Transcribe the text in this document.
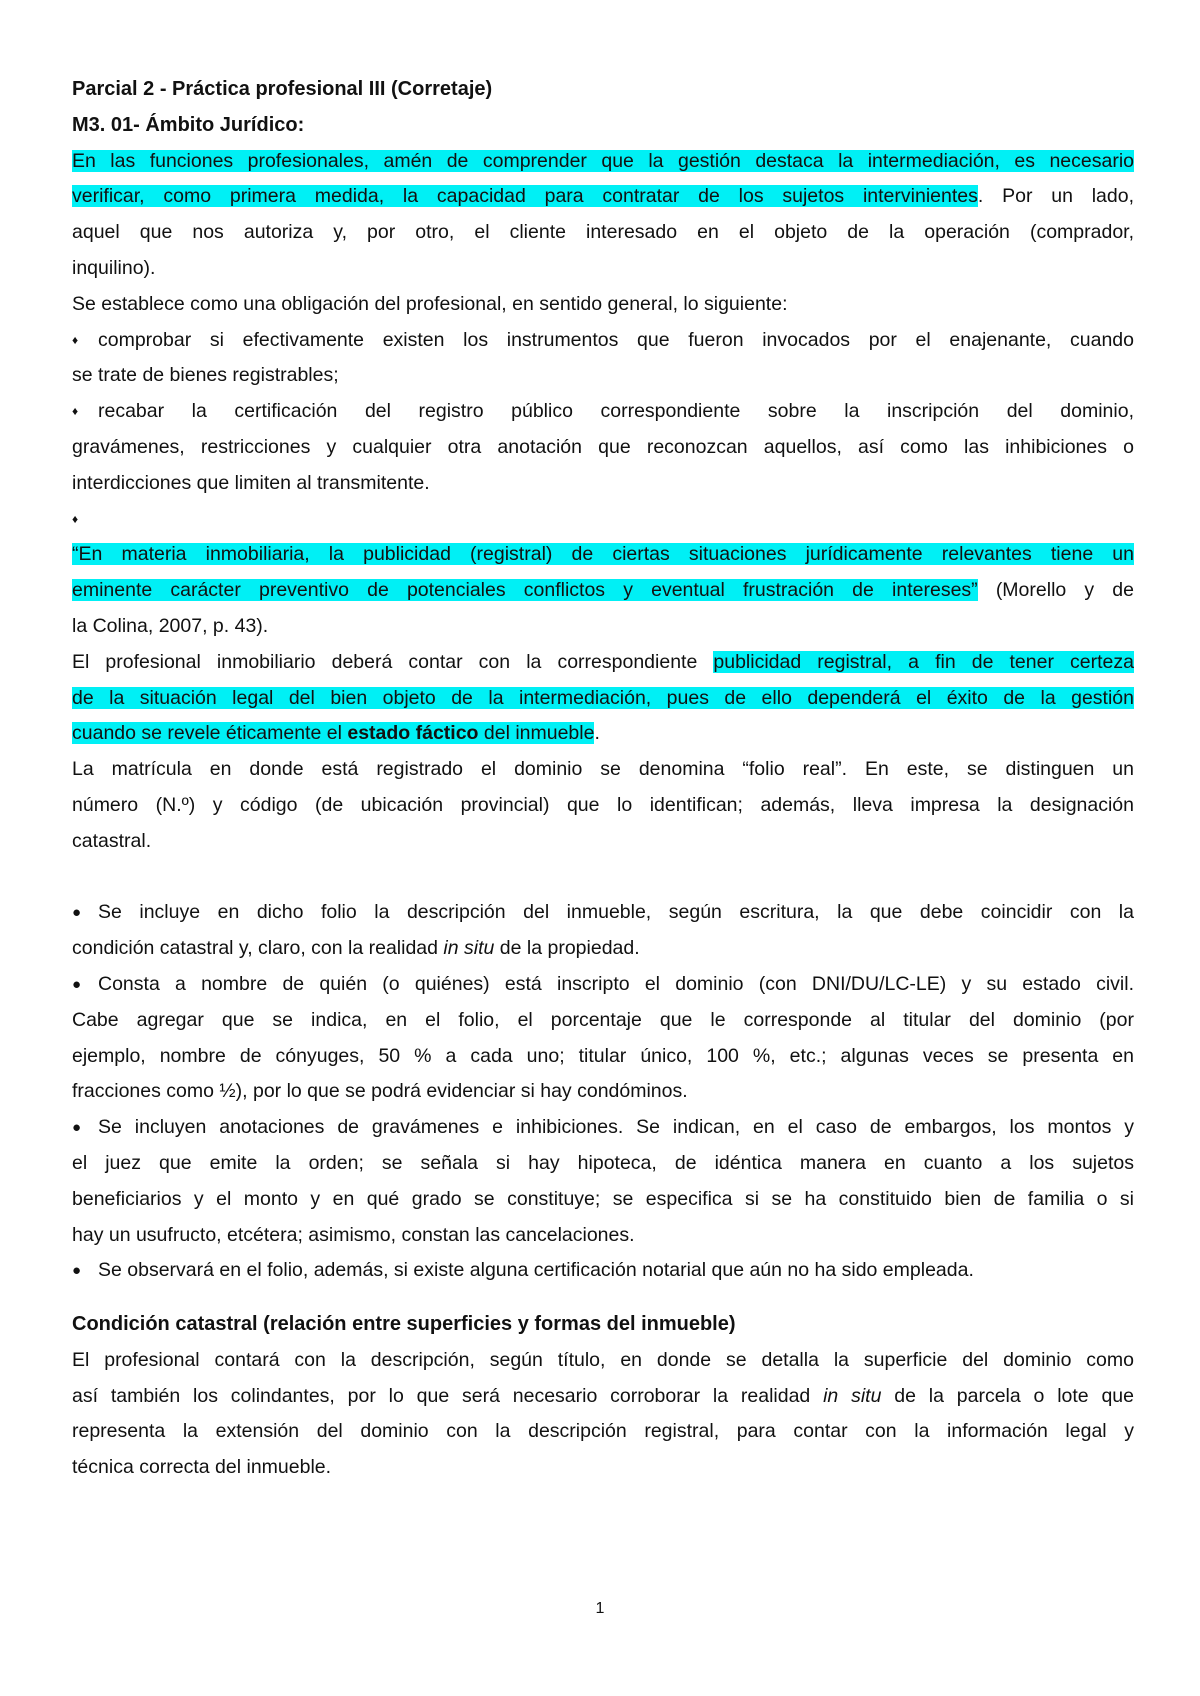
Parcial 2 - Práctica profesional III (Corretaje)
M3. 01- Ámbito Jurídico:
En las funciones profesionales, amén de comprender que la gestión destaca la intermediación, es necesario
verificar, como primera medida, la capacidad para contratar de los sujetos intervinientes. Por un lado,
aquel que nos autoriza y, por otro, el cliente interesado en el objeto de la operación (comprador,
inquilino).
Se establece como una obligación del profesional, en sentido general, lo siguiente:
♦ comprobar si efectivamente existen los instrumentos que fueron invocados por el enajenante, cuando
se trate de bienes registrables;
♦ recabar la certificación del registro público correspondiente sobre la inscripción del dominio,
gravámenes, restricciones y cualquier otra anotación que reconozcan aquellos, así como las inhibiciones o
interdicciones que limiten al transmitente.
♦
“En materia inmobiliaria, la publicidad (registral) de ciertas situaciones jurídicamente relevantes tiene un
eminente carácter preventivo de potenciales conflictos y eventual frustración de intereses” (Morello y de
la Colina, 2007, p. 43).
El profesional inmobiliario deberá contar con la correspondiente publicidad registral, a fin de tener certeza
de la situación legal del bien objeto de la intermediación, pues de ello dependerá el éxito de la gestión
cuando se revele éticamente el estado fáctico del inmueble.
La matrícula en donde está registrado el dominio se denomina “folio real”. En este, se distinguen un
número (N.º) y código (de ubicación provincial) que lo identifican; además, lleva impresa la designación
catastral.
● Se incluye en dicho folio la descripción del inmueble, según escritura, la que debe coincidir con la
condición catastral y, claro, con la realidad in situ de la propiedad.
● Consta a nombre de quién (o quiénes) está inscripto el dominio (con DNI/DU/LC-LE) y su estado civil.
Cabe agregar que se indica, en el folio, el porcentaje que le corresponde al titular del dominio (por
ejemplo, nombre de cónyuges, 50 % a cada uno; titular único, 100 %, etc.; algunas veces se presenta en
fracciones como ½), por lo que se podrá evidenciar si hay condóminos.
● Se incluyen anotaciones de gravámenes e inhibiciones. Se indican, en el caso de embargos, los montos y
el juez que emite la orden; se señala si hay hipoteca, de idéntica manera en cuanto a los sujetos
beneficiarios y el monto y en qué grado se constituye; se especifica si se ha constituido bien de familia o si
hay un usufructo, etcétera; asimismo, constan las cancelaciones.
● Se observará en el folio, además, si existe alguna certificación notarial que aún no ha sido empleada.
Condición catastral (relación entre superficies y formas del inmueble)
El profesional contará con la descripción, según título, en donde se detalla la superficie del dominio como
así también los colindantes, por lo que será necesario corroborar la realidad in situ de la parcela o lote que
representa la extensión del dominio con la descripción registral, para contar con la información legal y
técnica correcta del inmueble.
1
